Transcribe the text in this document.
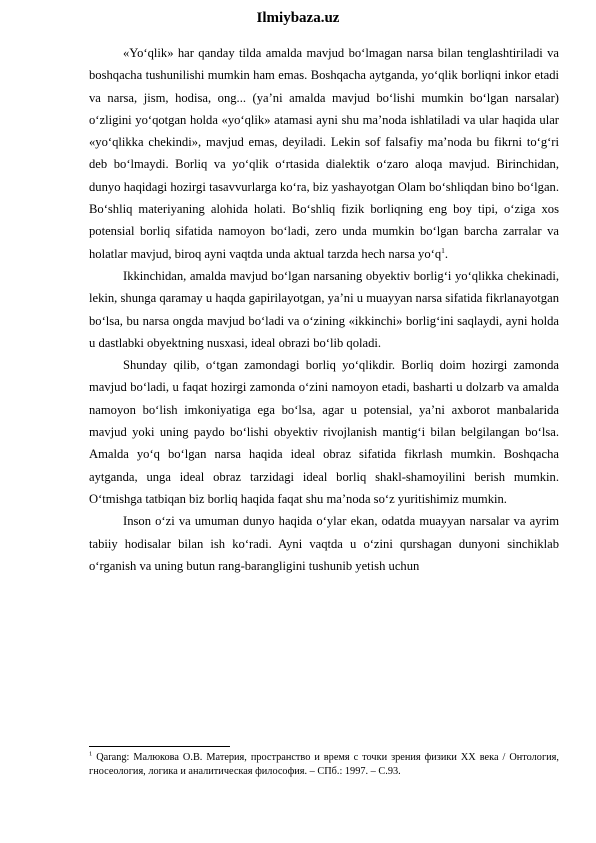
Ilmiybaza.uz

«Yo‘qlik» har qanday tilda amalda mavjud bo‘lmagan narsa bilan tenglashtiriladi va boshqacha tushunilishi mumkin ham emas. Boshqacha aytganda, yo‘qlik borliqni inkor etadi va narsa, jism, hodisa, ong... (ya’ni amalda mavjud bo‘lishi mumkin bo‘lgan narsalar) o‘zligini yo‘qotgan holda «yo‘qlik» atamasi ayni shu ma’noda ishlatiladi va ular haqida ular «yo‘qlikka chekindi», mavjud emas, deyiladi. Lekin sof falsafiy ma’noda bu fikrni to‘g‘ri deb bo‘lmaydi. Borliq va yo‘qlik o‘rtasida dialektik o‘zaro aloqa mavjud. Birinchidan, dunyo haqidagi hozirgi tasavvurlarga ko‘ra, biz yashayotgan Olam bo‘shliqdan bino bo‘lgan. Bo‘shliq materiyaning alohida holati. Bo‘shliq fizik borliqning eng boy tipi, o‘ziga xos potensial borliq sifatida namoyon bo‘ladi, zero unda mumkin bo‘lgan barcha zarralar va holatlar mavjud, biroq ayni vaqtda unda aktual tarzda hech narsa $yo‘q^1$.

Ikkinchidan, amalda mavjud bo‘lgan narsaning obyektiv borlig‘i yo‘qlikka chekinadi, lekin, shunga qaramay u haqda gapirilayotgan, ya’ni u muayyan narsa sifatida fikrlanayotgan bo‘lsa, bu narsa ongda mavjud bo‘ladi va o‘zining «ikkinchi» borlig‘ini saqlaydi, ayni holda u dastlabki obyektning nusxasi, ideal obrazi bo‘lib qoladi.

Shunday qilib, o‘tgan zamondagi borliq yo‘qlikdir. Borliq doim hozirgi zamonda mavjud bo‘ladi, u faqat hozirgi zamonda o‘zini namoyon etadi, basharti u dolzarb va amalda namoyon bo‘lish imkoniyatiga ega bo‘lsa, agar u potensial, ya’ni axborot manbalarida mavjud yoki uning paydo bo‘lishi obyektiv rivojlanish mantig‘i bilan belgilangan bo‘lsa. Amalda yo‘q bo‘lgan narsa haqida ideal obraz sifatida fikrlash mumkin. Boshqacha aytganda, unga ideal obraz tarzidagi ideal borliq shakl-shamoyilini berish mumkin. O‘tmishga tatbiqan biz borliq haqida faqat shu ma’noda so‘z yuritishimiz mumkin.

Inson o‘zi va umuman dunyo haqida o‘ylar ekan, odatda muayyan narsalar va ayrim tabiiy hodisalar bilan ish ko‘radi. Ayni vaqtda u o‘zini qurshagan dunyoni sinchiklab o‘rganish va uning butun rang-barangligini tushunib yetish uchun

$^1$ Qarang: Малюкова О.В. Материя, пространство и время с точки зрения физики XX века / Онтология, гносеология, логика и аналитическая философия. – СПб.: 1997. – С.93.
